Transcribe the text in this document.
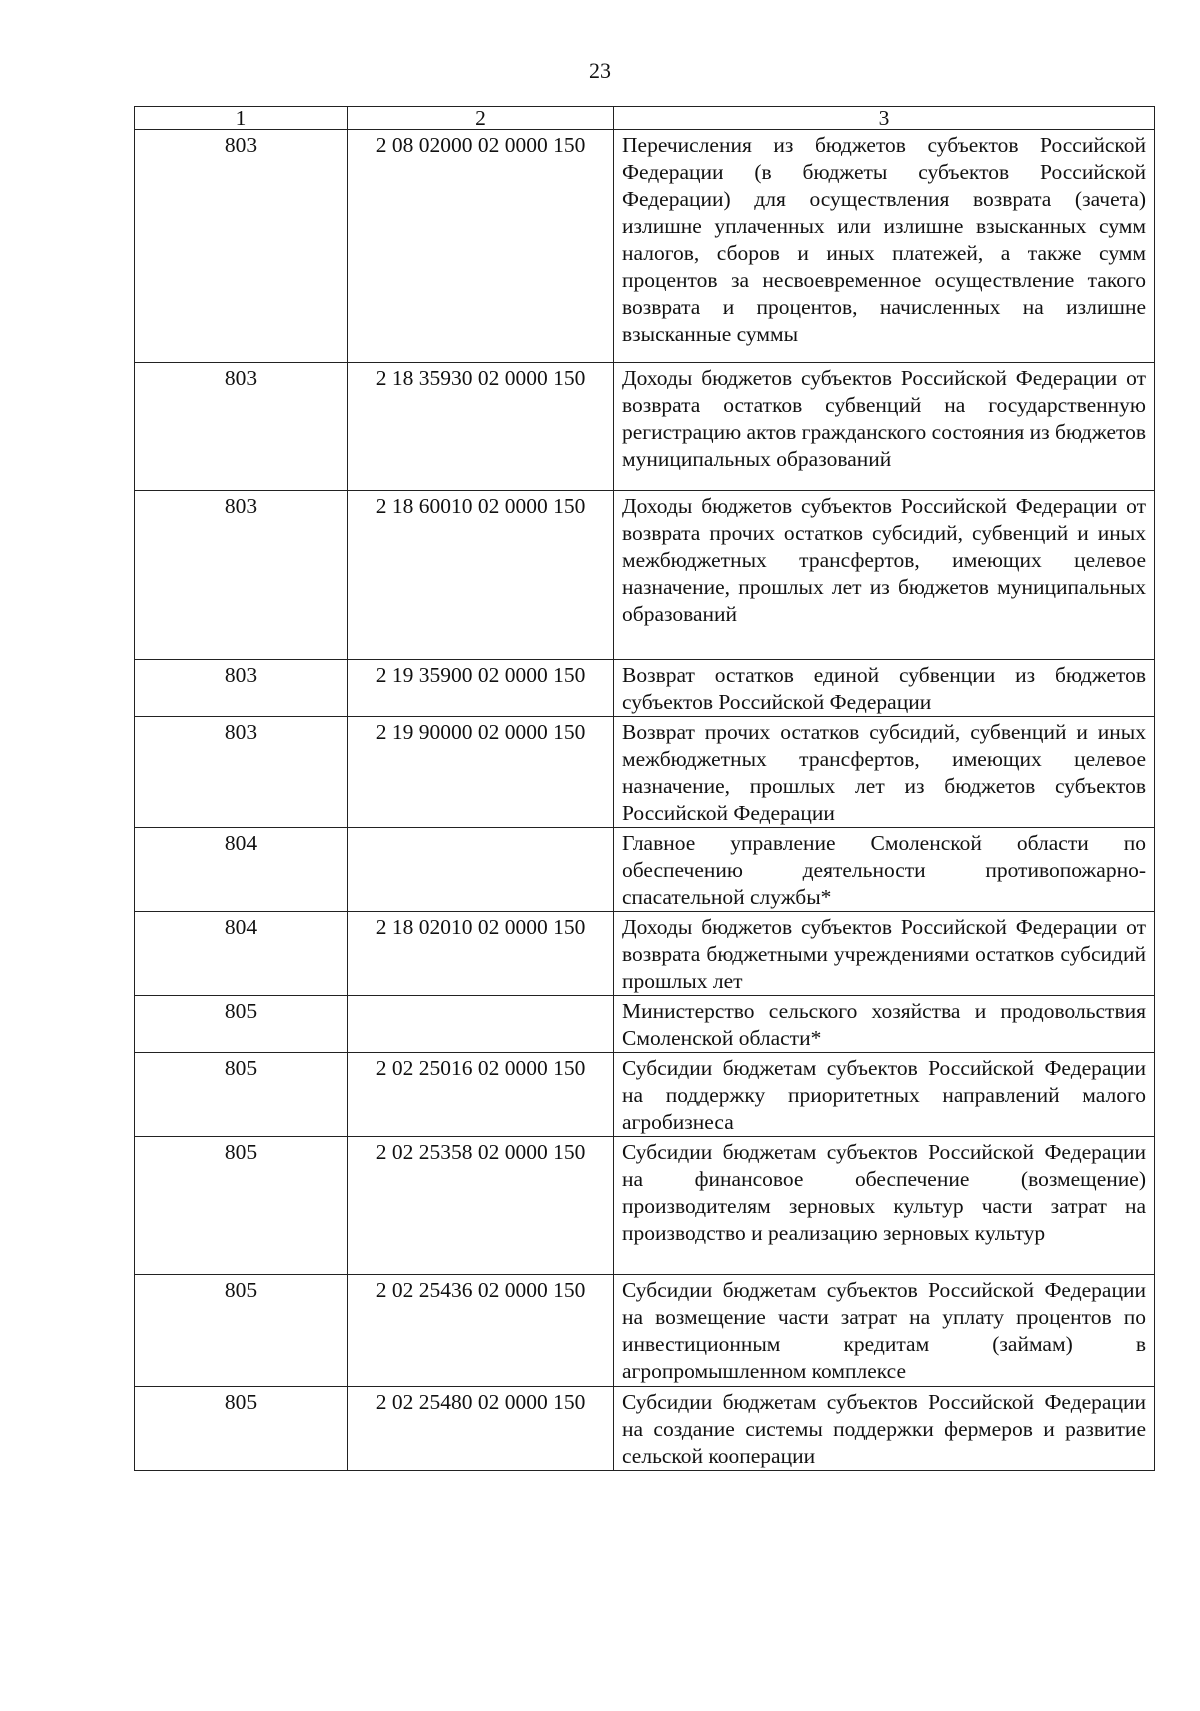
23
1	2	3
803	2 08 02000 02 0000 150	Перечисления из бюджетов субъектов Российской Федерации (в бюджеты субъектов Российской Федерации) для осуществления возврата (зачета) излишне уплаченных или излишне взысканных сумм налогов, сборов и иных платежей, а также сумм процентов за несвоевременное осуществление такого возврата и процентов, начисленных на излишне взысканные суммы
803	2 18 35930 02 0000 150	Доходы бюджетов субъектов Российской Федерации от возврата остатков субвенций на государственную регистрацию актов гражданского состояния из бюджетов муниципальных образований
803	2 18 60010 02 0000 150	Доходы бюджетов субъектов Российской Федерации от возврата прочих остатков субсидий, субвенций и иных межбюджетных трансфертов, имеющих целевое назначение, прошлых лет из бюджетов муниципальных образований
803	2 19 35900 02 0000 150	Возврат остатков единой субвенции из бюджетов субъектов Российской Федерации
803	2 19 90000 02 0000 150	Возврат прочих остатков субсидий, субвенций и иных межбюджетных трансфертов, имеющих целевое назначение, прошлых лет из бюджетов субъектов Российской Федерации
804		Главное управление Смоленской области по обеспечению деятельности противопожарно-спасательной службы*
804	2 18 02010 02 0000 150	Доходы бюджетов субъектов Российской Федерации от возврата бюджетными учреждениями остатков субсидий прошлых лет
805		Министерство сельского хозяйства и продовольствия Смоленской области*
805	2 02 25016 02 0000 150	Субсидии бюджетам субъектов Российской Федерации на поддержку приоритетных направлений малого агробизнеса
805	2 02 25358 02 0000 150	Субсидии бюджетам субъектов Российской Федерации на финансовое обеспечение (возмещение) производителям зерновых культур части затрат на производство и реализацию зерновых культур
805	2 02 25436 02 0000 150	Субсидии бюджетам субъектов Российской Федерации на возмещение части затрат на уплату процентов по инвестиционным кредитам (займам) в агропромышленном комплексе
805	2 02 25480 02 0000 150	Субсидии бюджетам субъектов Российской Федерации на создание системы поддержки фермеров и развитие сельской кооперации
